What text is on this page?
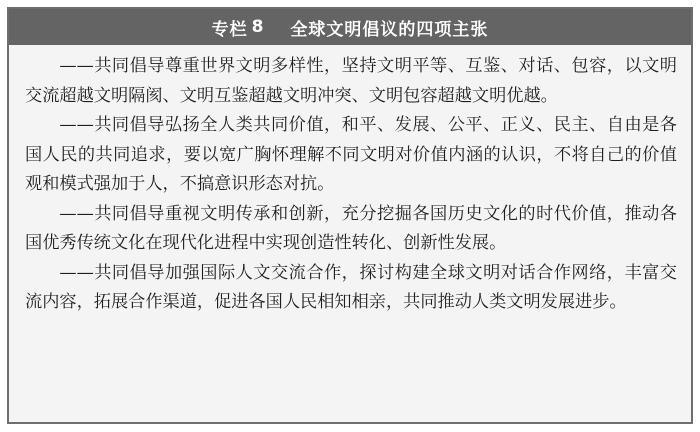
专栏 8 全球文明倡议的四项主张

——共同倡导尊重世界文明多样性，坚持文明平等、互鉴、对话、包容，以文明交流超越文明隔阂、文明互鉴超越文明冲突、文明包容超越文明优越。

——共同倡导弘扬全人类共同价值，和平、发展、公平、正义、民主、自由是各国人民的共同追求，要以宽广胸怀理解不同文明对价值内涵的认识，不将自己的价值观和模式强加于人，不搞意识形态对抗。

——共同倡导重视文明传承和创新，充分挖掘各国历史文化的时代价值，推动各国优秀传统文化在现代化进程中实现创造性转化、创新性发展。

——共同倡导加强国际人文交流合作，探讨构建全球文明对话合作网络，丰富交流内容，拓展合作渠道，促进各国人民相知相亲，共同推动人类文明发展进步。
